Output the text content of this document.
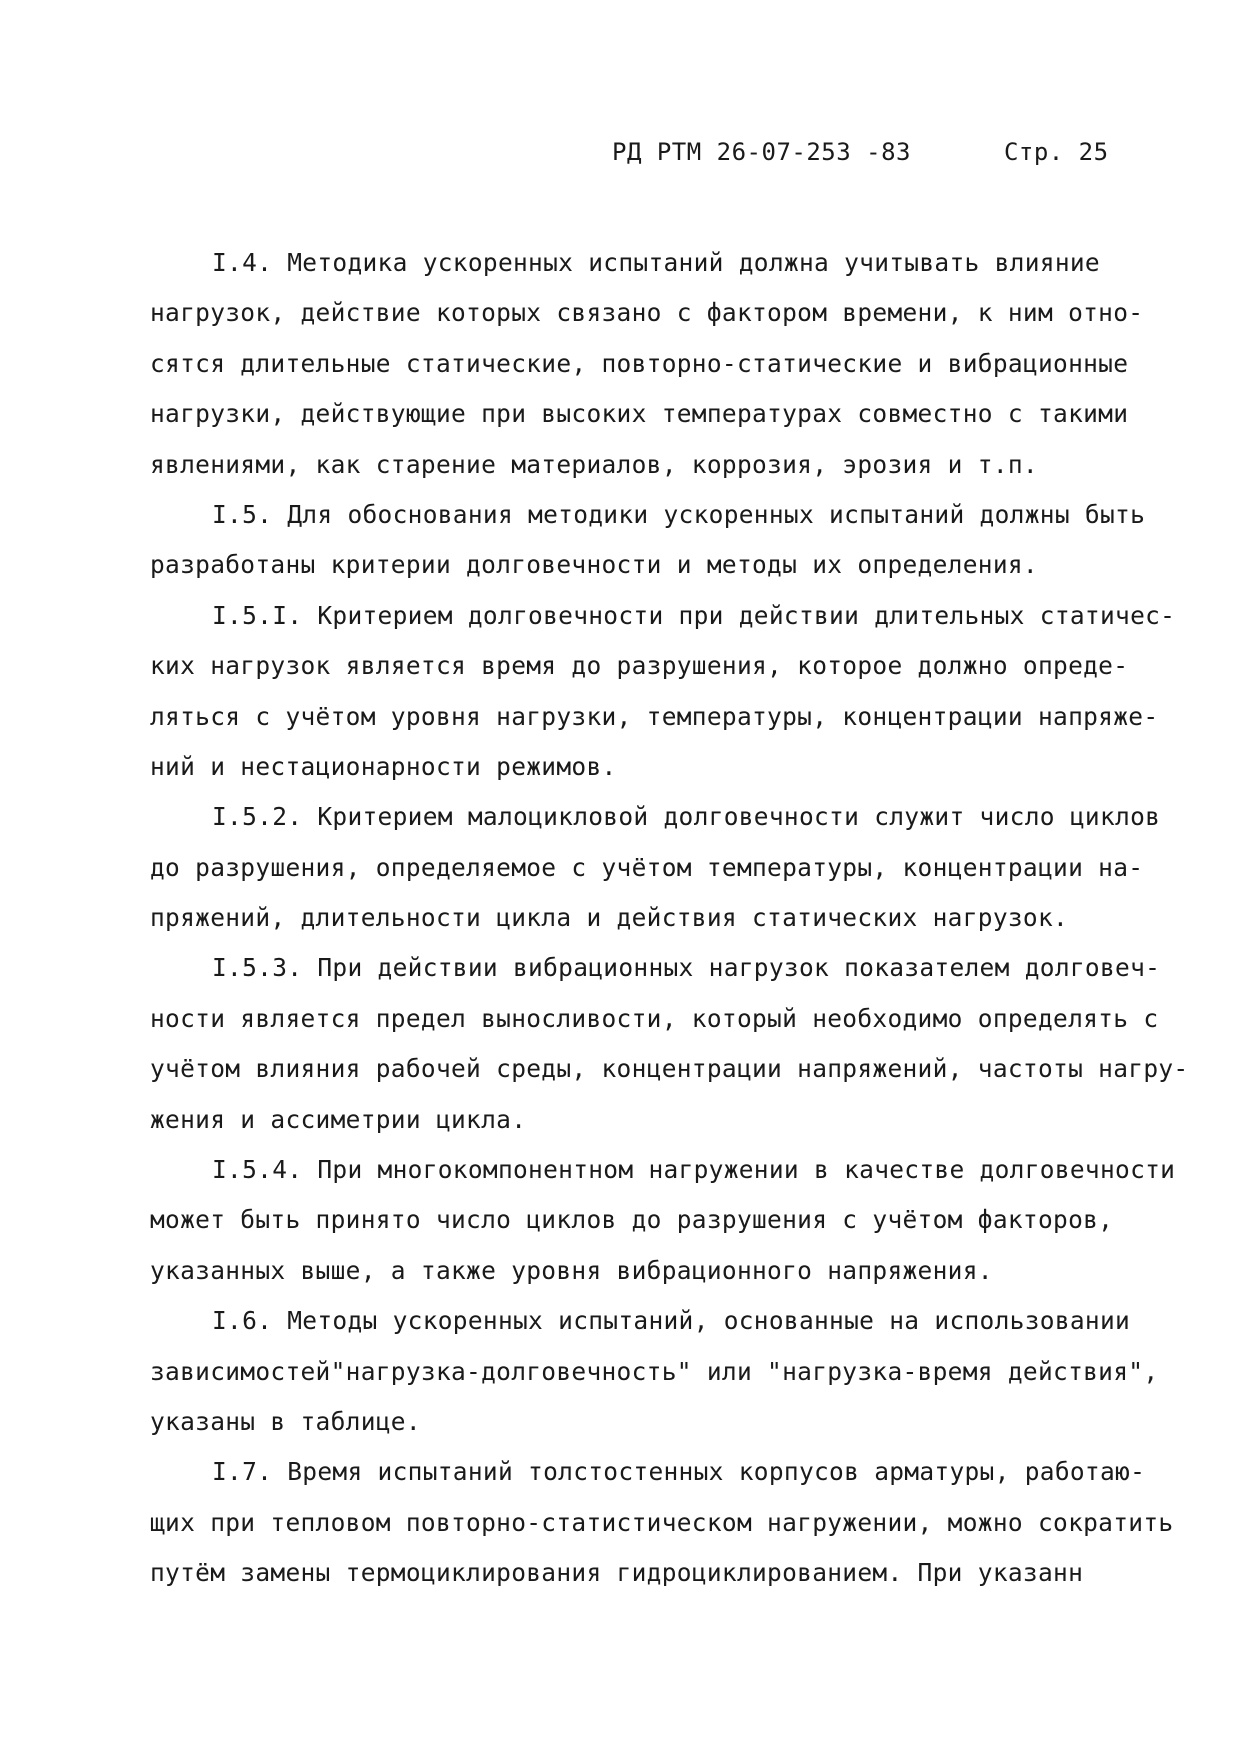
РД РТМ 26-07-253 -83	Стр. 25
I.4. Методика ускоренных испытаний должна учитывать влияние
нагрузок, действие которых связано с фактором времени, к ним отно-
сятся длительные статические, повторно-статические и вибрационные
нагрузки, действующие при высоких температурах совместно с такими
явлениями, как старение материалов, коррозия, эрозия и т.п.
I.5. Для обоснования методики ускоренных испытаний должны быть
разработаны критерии долговечности и методы их определения.
I.5.I. Критерием долговечности при действии длительных статичес-
ких нагрузок является время до разрушения, которое должно опреде-
ляться с учётом уровня нагрузки, температуры, концентрации напряже-
ний и нестационарности режимов.
I.5.2. Критерием малоцикловой долговечности служит число циклов
до разрушения, определяемое с учётом температуры, концентрации на-
пряжений, длительности цикла и действия статических нагрузок.
I.5.3. При действии вибрационных нагрузок показателем долговеч-
ности является предел выносливости, который необходимо определять с
учётом влияния рабочей среды, концентрации напряжений, частоты нагру-
жения и ассиметрии цикла.
I.5.4. При многокомпонентном нагружении в качестве долговечности
может быть принято число циклов до разрушения с учётом факторов,
указанных выше, а также уровня вибрационного напряжения.
I.6. Методы ускоренных испытаний, основанные на использовании
зависимостей"нагрузка-долговечность" или "нагрузка-время действия",
указаны в таблице.
I.7. Время испытаний толстостенных корпусов арматуры, работаю-
щих при тепловом повторно-статистическом нагружении, можно сократить
путём замены термоциклирования гидроциклированием. При указанн
